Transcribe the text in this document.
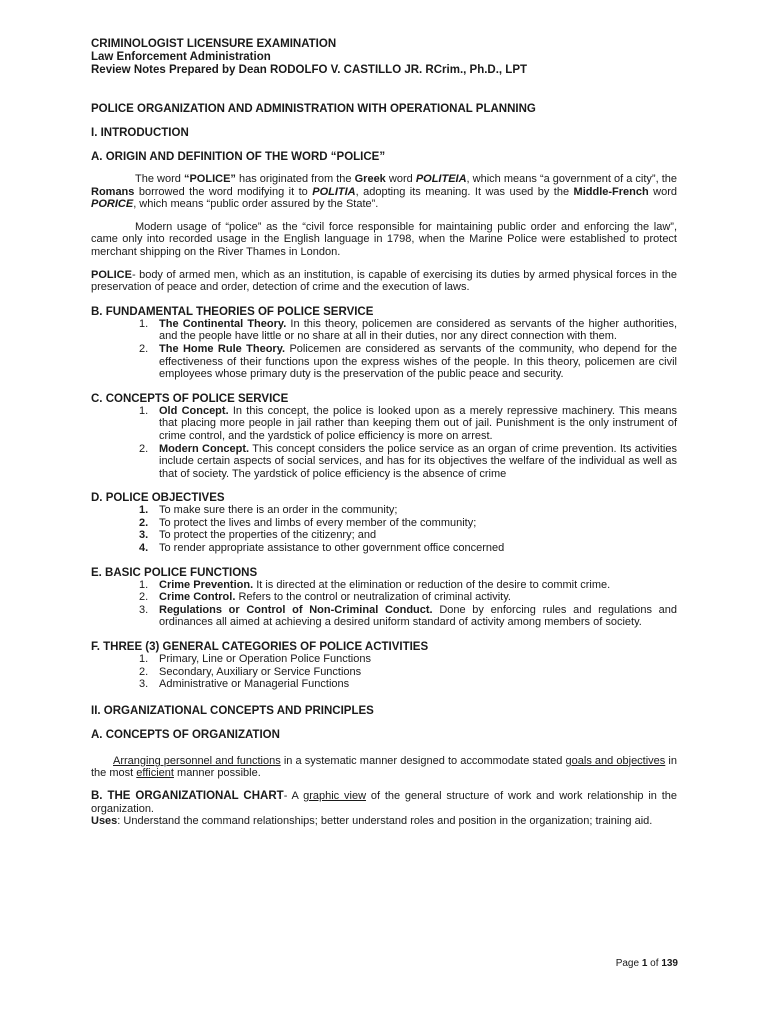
CRIMINOLOGIST LICENSURE EXAMINATION
Law Enforcement Administration
Review Notes Prepared by Dean RODOLFO V. CASTILLO JR. RCrim., Ph.D., LPT
POLICE ORGANIZATION AND ADMINISTRATION WITH OPERATIONAL PLANNING
I. INTRODUCTION
A. ORIGIN AND DEFINITION OF THE WORD “POLICE”
The word “POLICE” has originated from the Greek word POLITEIA, which means “a government of a city”, the Romans borrowed the word modifying it to POLITIA, adopting its meaning. It was used by the Middle-French word PORICE, which means “public order assured by the State”.
Modern usage of “police” as the “civil force responsible for maintaining public order and enforcing the law”, came only into recorded usage in the English language in 1798, when the Marine Police were established to protect merchant shipping on the River Thames in London.
POLICE- body of armed men, which as an institution, is capable of exercising its duties by armed physical forces in the preservation of peace and order, detection of crime and the execution of laws.
B. FUNDAMENTAL THEORIES OF POLICE SERVICE
1. The Continental Theory. In this theory, policemen are considered as servants of the higher authorities, and the people have little or no share at all in their duties, nor any direct connection with them.
2. The Home Rule Theory. Policemen are considered as servants of the community, who depend for the effectiveness of their functions upon the express wishes of the people. In this theory, policemen are civil employees whose primary duty is the preservation of the public peace and security.
C. CONCEPTS OF POLICE SERVICE
1. Old Concept. In this concept, the police is looked upon as a merely repressive machinery. This means that placing more people in jail rather than keeping them out of jail. Punishment is the only instrument of crime control, and the yardstick of police efficiency is more on arrest.
2. Modern Concept. This concept considers the police service as an organ of crime prevention. Its activities include certain aspects of social services, and has for its objectives the welfare of the individual as well as that of society. The yardstick of police efficiency is the absence of crime
D. POLICE OBJECTIVES
1. To make sure there is an order in the community;
2. To protect the lives and limbs of every member of the community;
3. To protect the properties of the citizenry; and
4. To render appropriate assistance to other government office concerned
E. BASIC POLICE FUNCTIONS
1. Crime Prevention. It is directed at the elimination or reduction of the desire to commit crime.
2. Crime Control. Refers to the control or neutralization of criminal activity.
3. Regulations or Control of Non-Criminal Conduct. Done by enforcing rules and regulations and ordinances all aimed at achieving a desired uniform standard of activity among members of society.
F. THREE (3) GENERAL CATEGORIES OF POLICE ACTIVITIES
1. Primary, Line or Operation Police Functions
2. Secondary, Auxiliary or Service Functions
3. Administrative or Managerial Functions
II. ORGANIZATIONAL CONCEPTS AND PRINCIPLES
A. CONCEPTS OF ORGANIZATION
Arranging personnel and functions in a systematic manner designed to accommodate stated goals and objectives in the most efficient manner possible.
B. THE ORGANIZATIONAL CHART- A graphic view of the general structure of work and work relationship in the organization.
Uses: Understand the command relationships; better understand roles and position in the organization; training aid.
Page 1 of 139
